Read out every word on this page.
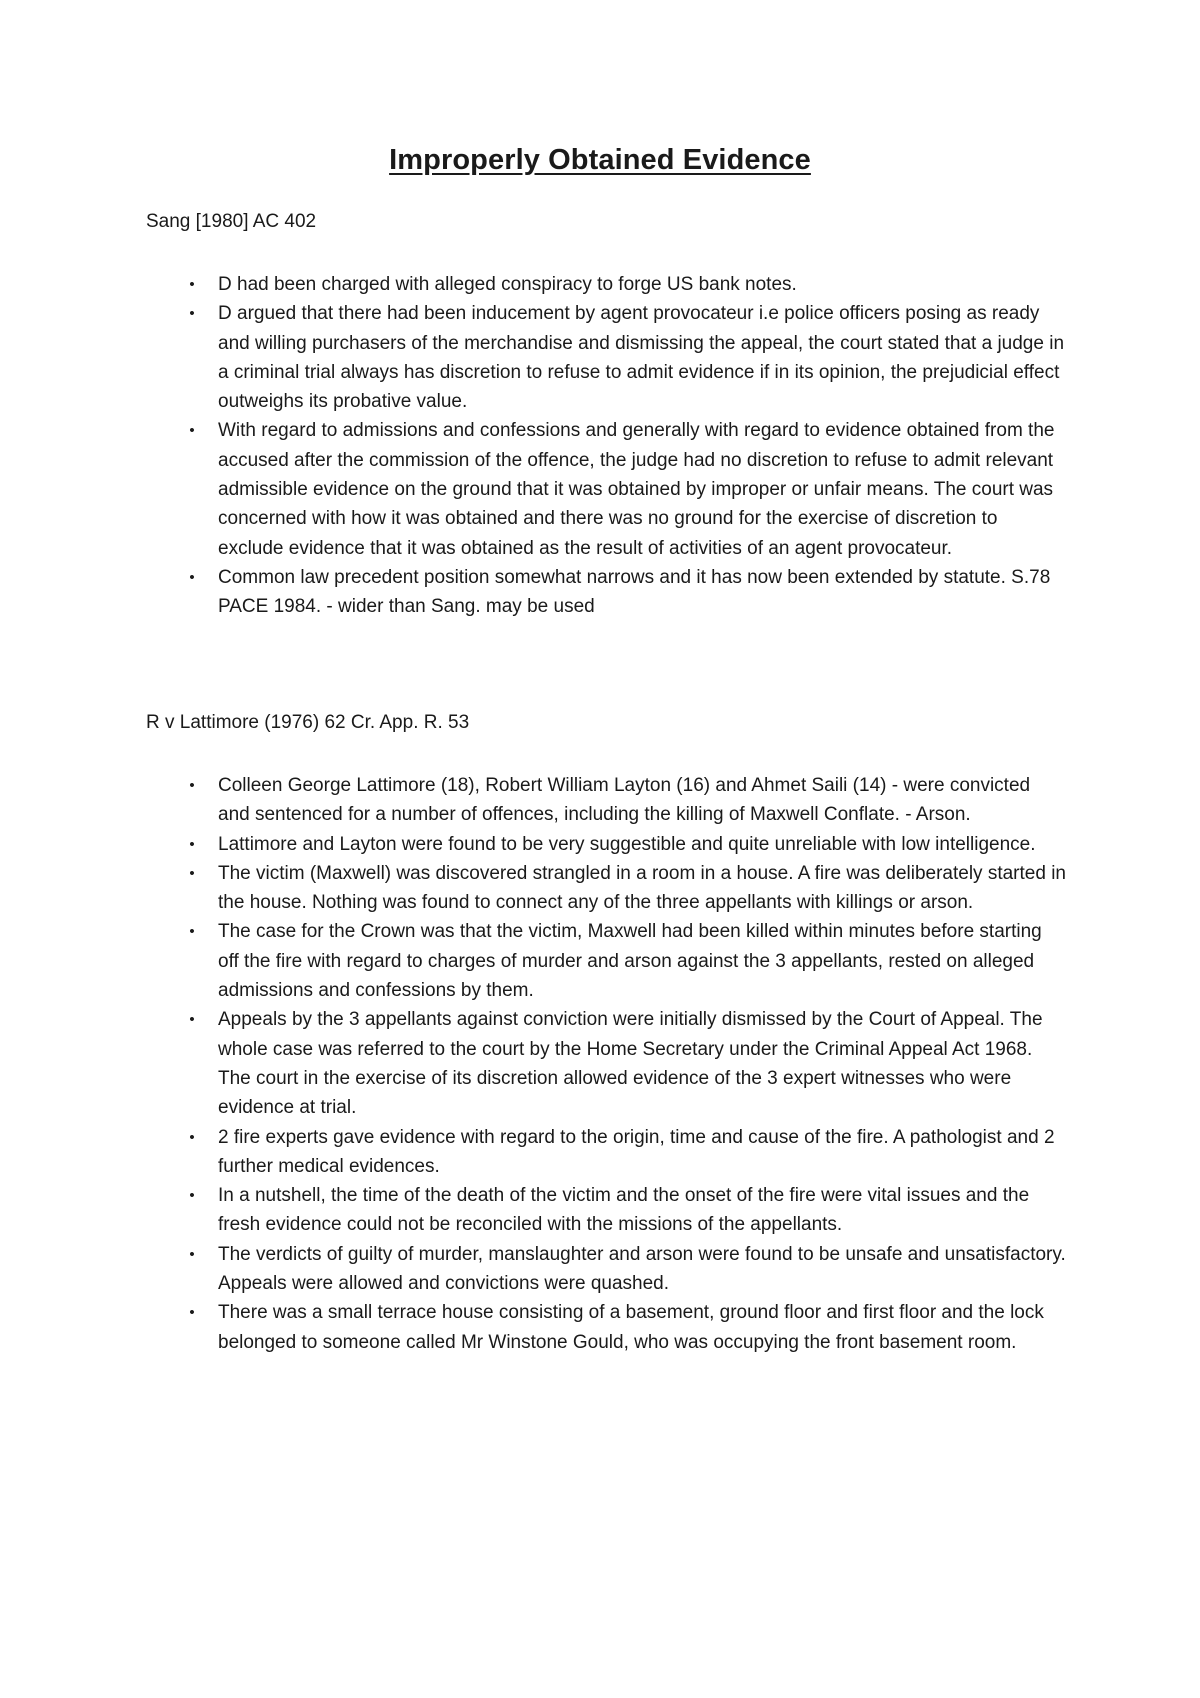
Improperly Obtained Evidence

Sang [1980] AC 402

• D had been charged with alleged conspiracy to forge US bank notes.
• D argued that there had been inducement by agent provocateur i.e police officers posing as ready and willing purchasers of the merchandise and dismissing the appeal, the court stated that a judge in a criminal trial always has discretion to refuse to admit evidence if in its opinion, the prejudicial effect outweighs its probative value.
• With regard to admissions and confessions and generally with regard to evidence obtained from the accused after the commission of the offence, the judge had no discretion to refuse to admit relevant admissible evidence on the ground that it was obtained by improper or unfair means. The court was concerned with how it was obtained and there was no ground for the exercise of discretion to exclude evidence that it was obtained as the result of activities of an agent provocateur.
• Common law precedent position somewhat narrows and it has now been extended by statute. S.78 PACE 1984. - wider than Sang. may be used

R v Lattimore (1976) 62 Cr. App. R. 53

• Colleen George Lattimore (18), Robert William Layton (16) and Ahmet Saili (14) - were convicted and sentenced for a number of offences, including the killing of Maxwell Conflate. - Arson.
• Lattimore and Layton were found to be very suggestible and quite unreliable with low intelligence.
• The victim (Maxwell) was discovered strangled in a room in a house. A fire was deliberately started in the house. Nothing was found to connect any of the three appellants with killings or arson.
• The case for the Crown was that the victim, Maxwell had been killed within minutes before starting off the fire with regard to charges of murder and arson against the 3 appellants, rested on alleged admissions and confessions by them.
• Appeals by the 3 appellants against conviction were initially dismissed by the Court of Appeal. The whole case was referred to the court by the Home Secretary under the Criminal Appeal Act 1968. The court in the exercise of its discretion allowed evidence of the 3 expert witnesses who were evidence at trial.
• 2 fire experts gave evidence with regard to the origin, time and cause of the fire. A pathologist and 2 further medical evidences.
• In a nutshell, the time of the death of the victim and the onset of the fire were vital issues and the fresh evidence could not be reconciled with the missions of the appellants.
• The verdicts of guilty of murder, manslaughter and arson were found to be unsafe and unsatisfactory. Appeals were allowed and convictions were quashed.
• There was a small terrace house consisting of a basement, ground floor and first floor and the lock belonged to someone called Mr Winstone Gould, who was occupying the front basement room.
